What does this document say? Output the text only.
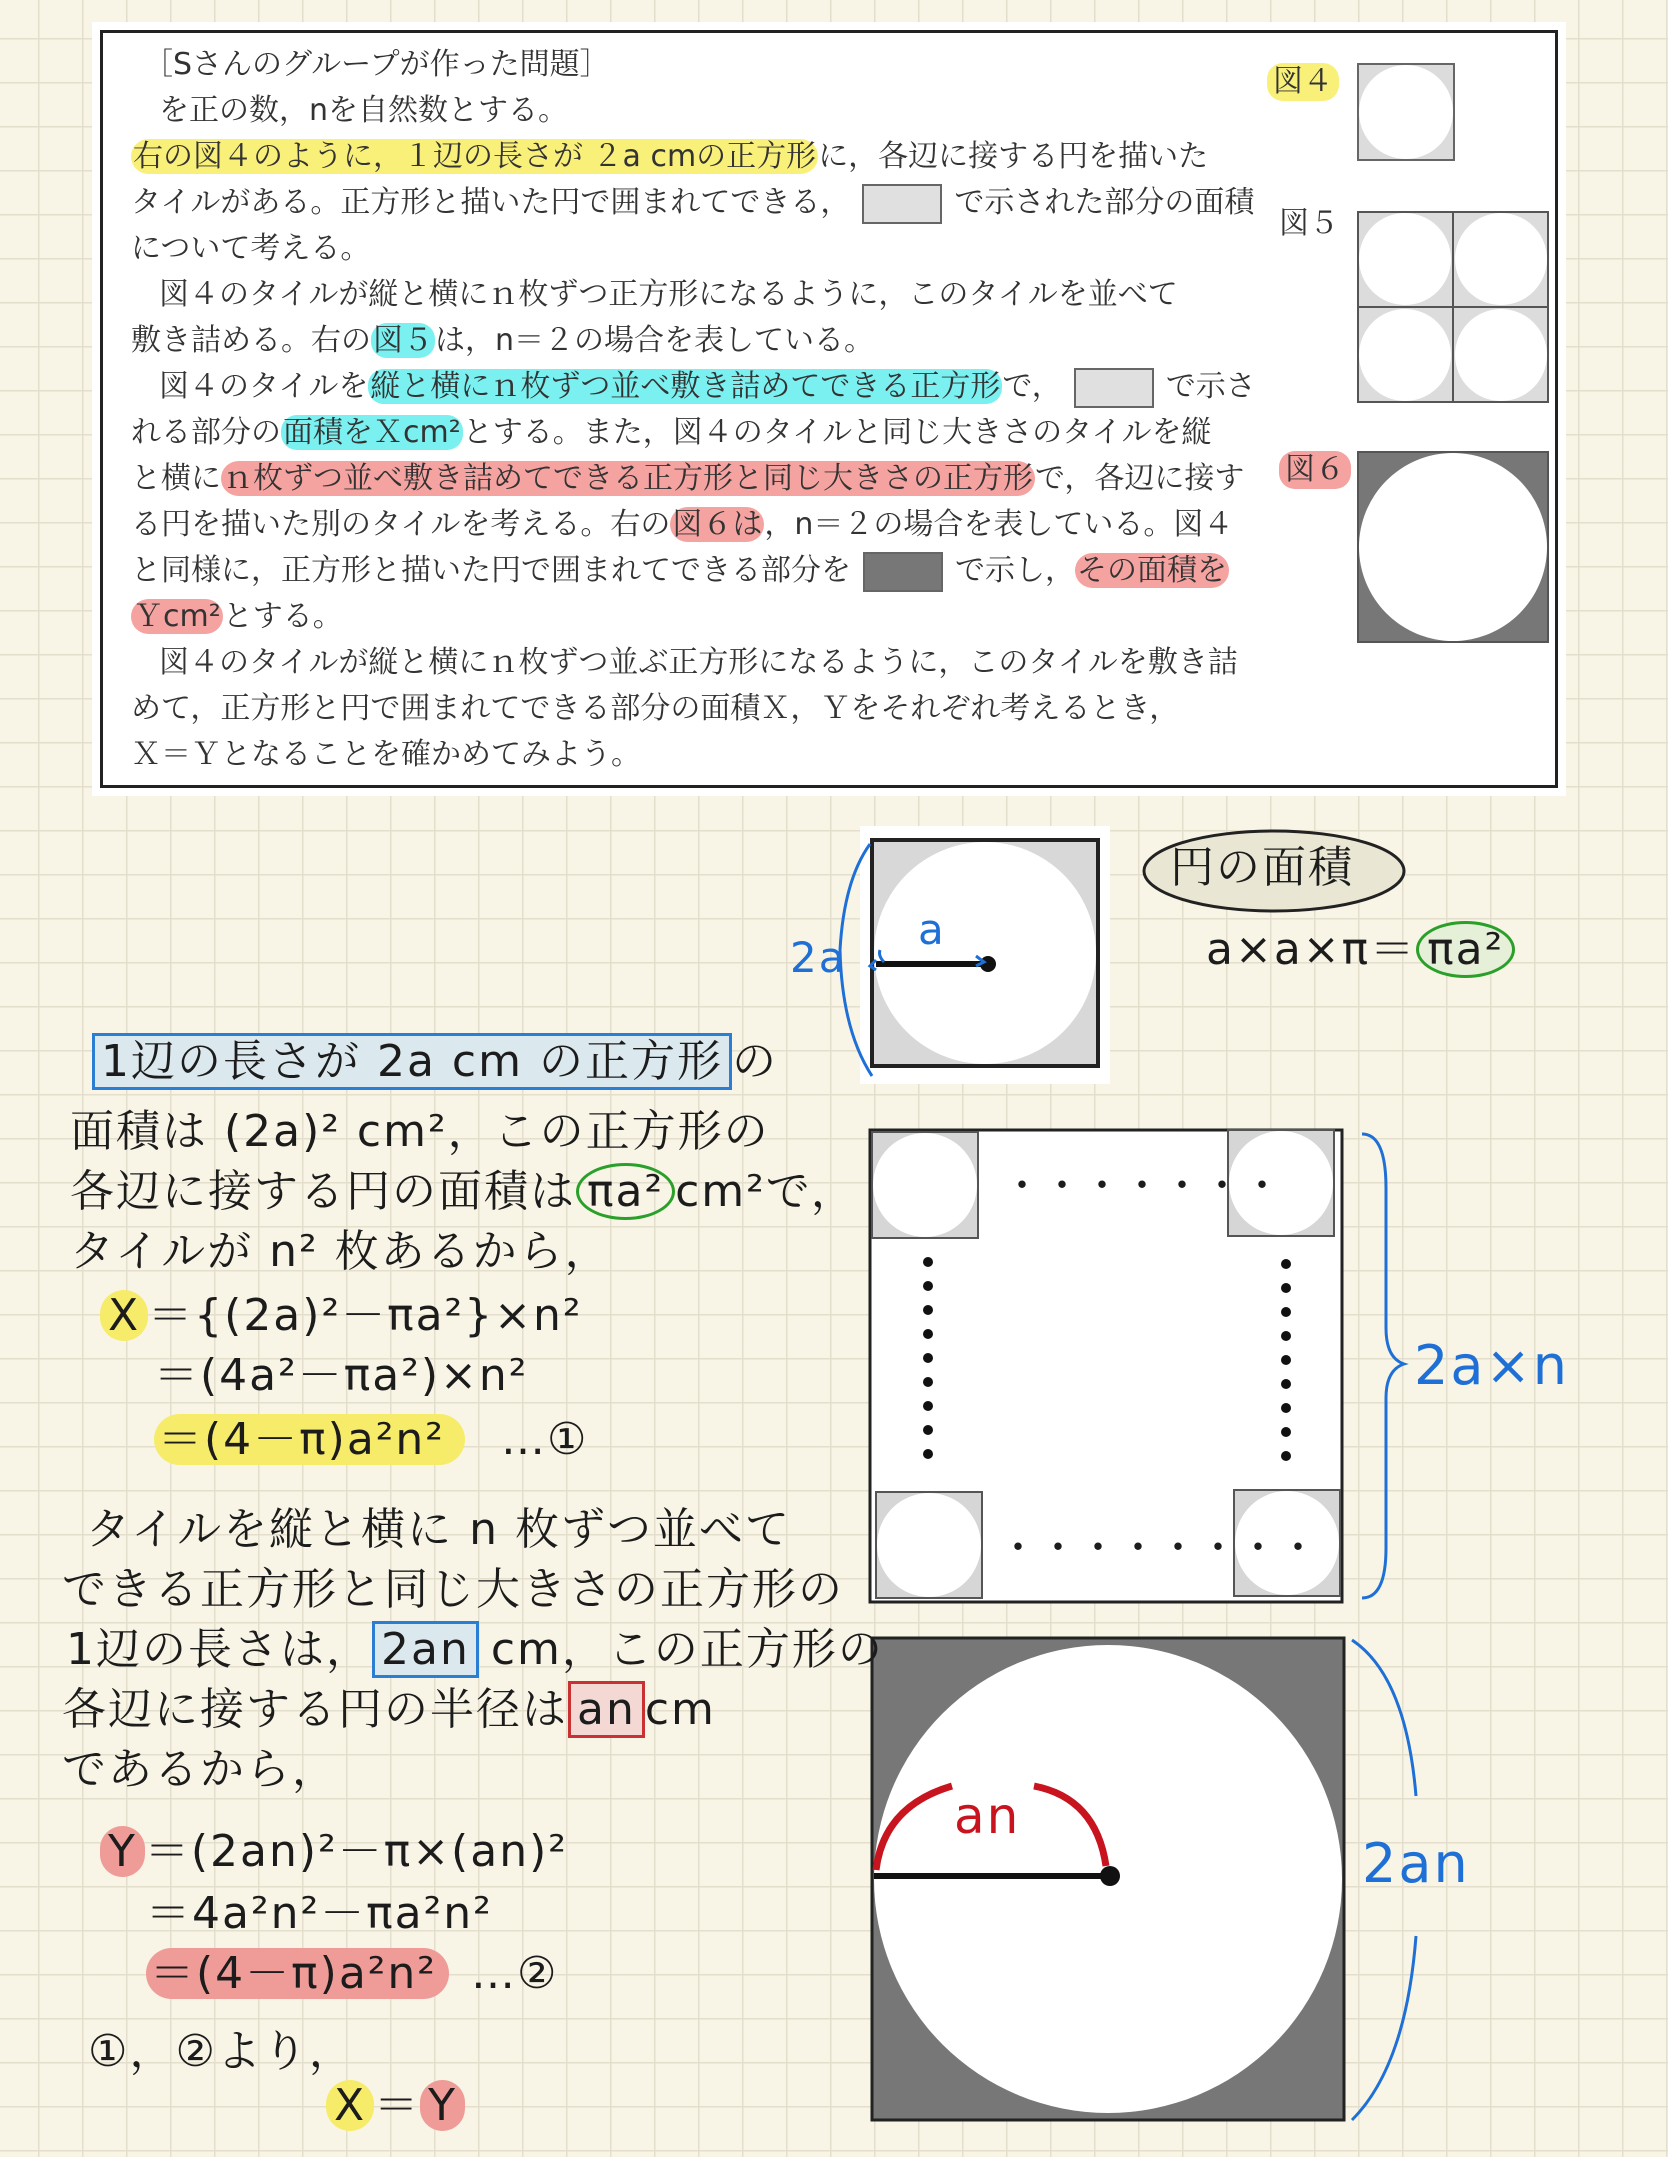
［Sさんのグループが作った問題］
を正の数，nを自然数とする。
右の図４のように，１辺の長さが ２a cmの正方形に，各辺に接する円を描いた
タイルがある。正方形と描いた円で囲まれてできる，	で示された部分の面積
について考える。
図４のタイルが縦と横にｎ枚ずつ正方形になるように，このタイルを並べて
敷き詰める。右の図５は，n＝２の場合を表している。
図４のタイルを縦と横にｎ枚ずつ並べ敷き詰めてできる正方形で，	で示さ
れる部分の面積をＸcm²とする。また，図４のタイルと同じ大きさのタイルを縦
と横にｎ枚ずつ並べ敷き詰めてできる正方形と同じ大きさの正方形で，各辺に接す
る円を描いた別のタイルを考える。右の図６は，n＝２の場合を表している。図４
と同様に，正方形と描いた円で囲まれてできる部分を	で示し，その面積を
Ｙcm²とする。
図４のタイルが縦と横にｎ枚ずつ並ぶ正方形になるように，このタイルを敷き詰
めて，正方形と円で囲まれてできる部分の面積Ｘ，Ｙをそれぞれ考えるとき，
Ｘ＝Ｙとなることを確かめてみよう。
図４
図５
図６
2a
a
円の面積
a×a×π＝ πa²
・・・・・・・
・・・・・・・・
2a×n
an
2an
1辺の長さが 2a cm の正方形 の
面積は (2a)² cm²，この正方形の
各辺に接する円の面積は πa² cm²で，
タイルが n² 枚あるから，
X ＝{(2a)²－πa²}×n²
＝(4a²－πa²)×n²
＝(4－π)a²n² …①
タイルを縦と横に n 枚ずつ並べて
できる正方形と同じ大きさの正方形の
1辺の長さは， 2an cm，この正方形の
各辺に接する円の半径は an cm
であるから，
Y ＝(2an)²－π×(an)²
＝4a²n²－πa²n²
＝(4－π)a²n² …②
①，②より，
X ＝ Y
